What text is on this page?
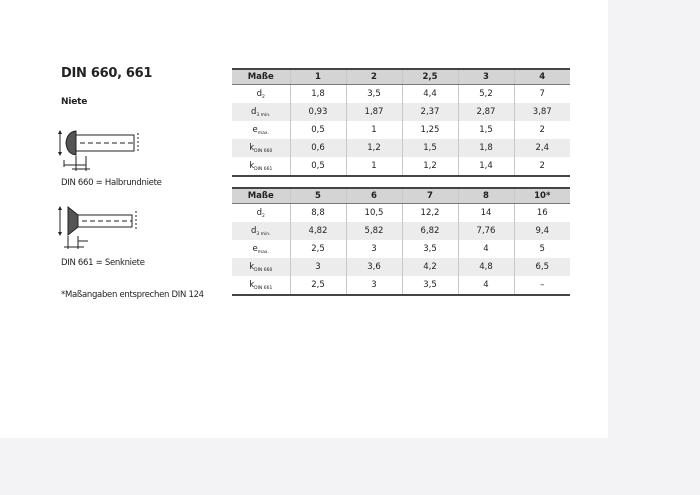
DIN 660, 661
Niete
DIN 660 = Halbrundniete
DIN 661 = Senkniete
*Maßangaben entsprechen DIN 124
Maße	1	2	2,5	3	4
$d_2$	1,8	3,5	4,4	5,2	7
$d_{3 min.}$	0,93	1,87	2,37	2,87	3,87
$e_{max.}$	0,5	1	1,25	1,5	2
$k_{DIN 660}$	0,6	1,2	1,5	1,8	2,4
$k_{DIN 661}$	0,5	1	1,2	1,4	2
Maße	5	6	7	8	10*
$d_2$	8,8	10,5	12,2	14	16
$d_{3 min.}$	4,82	5,82	6,82	7,76	9,4
$e_{max.}$	2,5	3	3,5	4	5
$k_{DIN 660}$	3	3,6	4,2	4,8	6,5
$k_{DIN 661}$	2,5	3	3,5	4	–
